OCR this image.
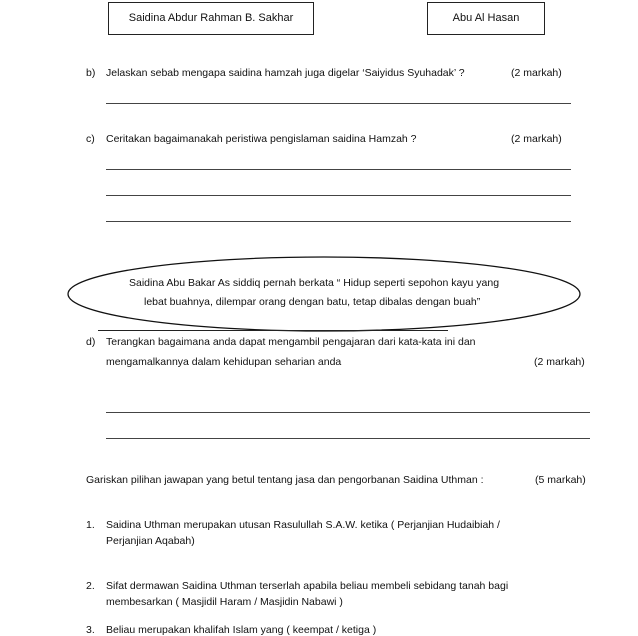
Saidina Abdur Rahman B. Sakhar	Abu Al Hasan
b) Jelaskan sebab mengapa saidina hamzah juga digelar ‘Saiyidus Syuhadak’ ?	(2 markah)
c) Ceritakan bagaimanakah peristiwa pengislaman saidina Hamzah ?	(2 markah)
Saidina Abu Bakar As siddiq pernah berkata “ Hidup seperti sepohon kayu yang
lebat buahnya, dilempar orang dengan batu, tetap dibalas dengan buah”
d) Terangkan bagaimana anda dapat mengambil pengajaran dari kata-kata ini dan
mengamalkannya dalam kehidupan seharian anda	(2 markah)
Gariskan pilihan jawapan yang betul tentang jasa dan pengorbanan Saidina Uthman :	(5 markah)
1. Saidina Uthman merupakan utusan Rasulullah S.A.W. ketika ( Perjanjian Hudaibiah /
Perjanjian Aqabah)
2. Sifat dermawan Saidina Uthman terserlah apabila beliau membeli sebidang tanah bagi
membesarkan ( Masjidil Haram / Masjidin Nabawi )
3. Beliau merupakan khalifah Islam yang ( keempat / ketiga )
